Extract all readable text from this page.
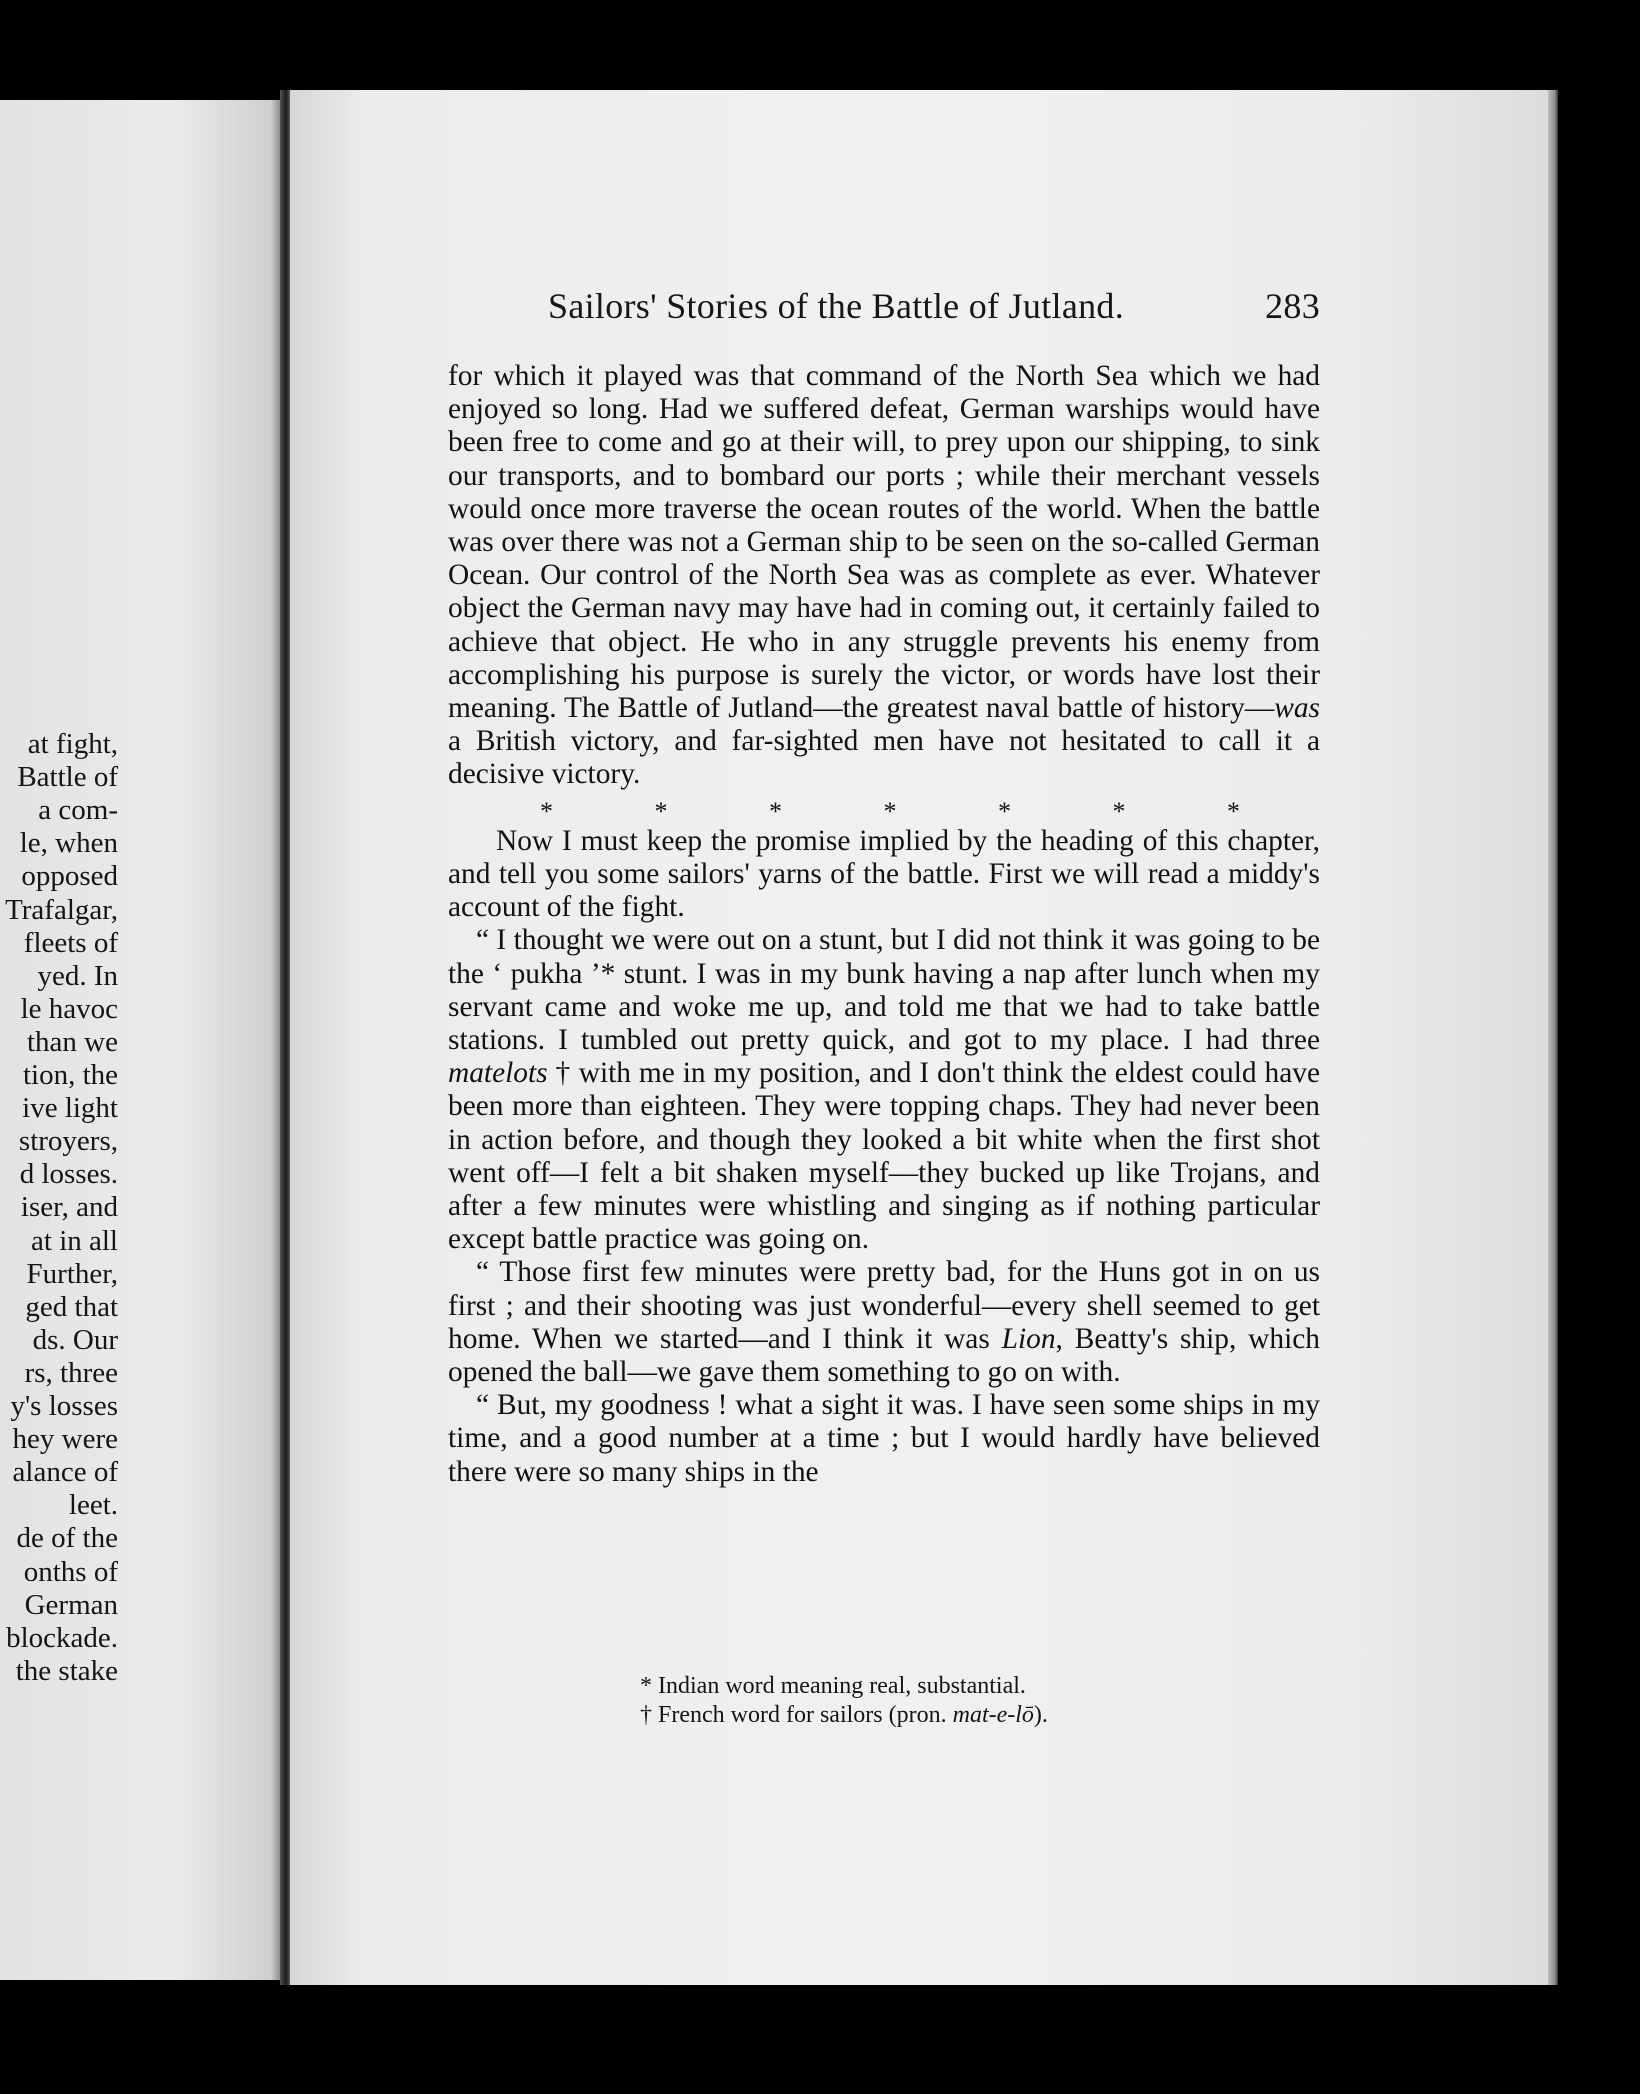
at fight,
Battle of
a com-
le, when
opposed
Trafalgar,
fleets of
yed. In
le havoc
than we
tion, the
ive light
stroyers,
d losses.
iser, and
at in all
Further,
ged that
ds. Our
rs, three
y's losses
hey were
alance of
leet.
de of the
onths of
German
blockade.
the stake
Sailors' Stories of the Battle of Jutland.	283

for which it played was that command of the North Sea which we had enjoyed so long. Had we suffered defeat, German warships would have been free to come and go at their will, to prey upon our shipping, to sink our transports, and to bombard our ports ; while their merchant vessels would once more traverse the ocean routes of the world. When the battle was over there was not a German ship to be seen on the so-called German Ocean. Our control of the North Sea was as complete as ever. Whatever object the German navy may have had in coming out, it certainly failed to achieve that object. He who in any struggle prevents his enemy from accomplishing his purpose is surely the victor, or words have lost their meaning. The Battle of Jutland—the greatest naval battle of history—was a British victory, and far-sighted men have not hesitated to call it a decisive victory.

*	*	*	*	*	*	*

Now I must keep the promise implied by the heading of this chapter, and tell you some sailors' yarns of the battle. First we will read a middy's account of the fight.

“ I thought we were out on a stunt, but I did not think it was going to be the ‘ pukha ’* stunt. I was in my bunk having a nap after lunch when my servant came and woke me up, and told me that we had to take battle stations. I tumbled out pretty quick, and got to my place. I had three matelots † with me in my position, and I don't think the eldest could have been more than eighteen. They were topping chaps. They had never been in action before, and though they looked a bit white when the first shot went off—I felt a bit shaken myself—they bucked up like Trojans, and after a few minutes were whistling and singing as if nothing particular except battle practice was going on.

“ Those first few minutes were pretty bad, for the Huns got in on us first ; and their shooting was just wonderful—every shell seemed to get home. When we started—and I think it was Lion, Beatty's ship, which opened the ball—we gave them something to go on with.

“ But, my goodness ! what a sight it was. I have seen some ships in my time, and a good number at a time ; but I would hardly have believed there were so many ships in the

* Indian word meaning real, substantial.
† French word for sailors (pron. mat-e-lō).
